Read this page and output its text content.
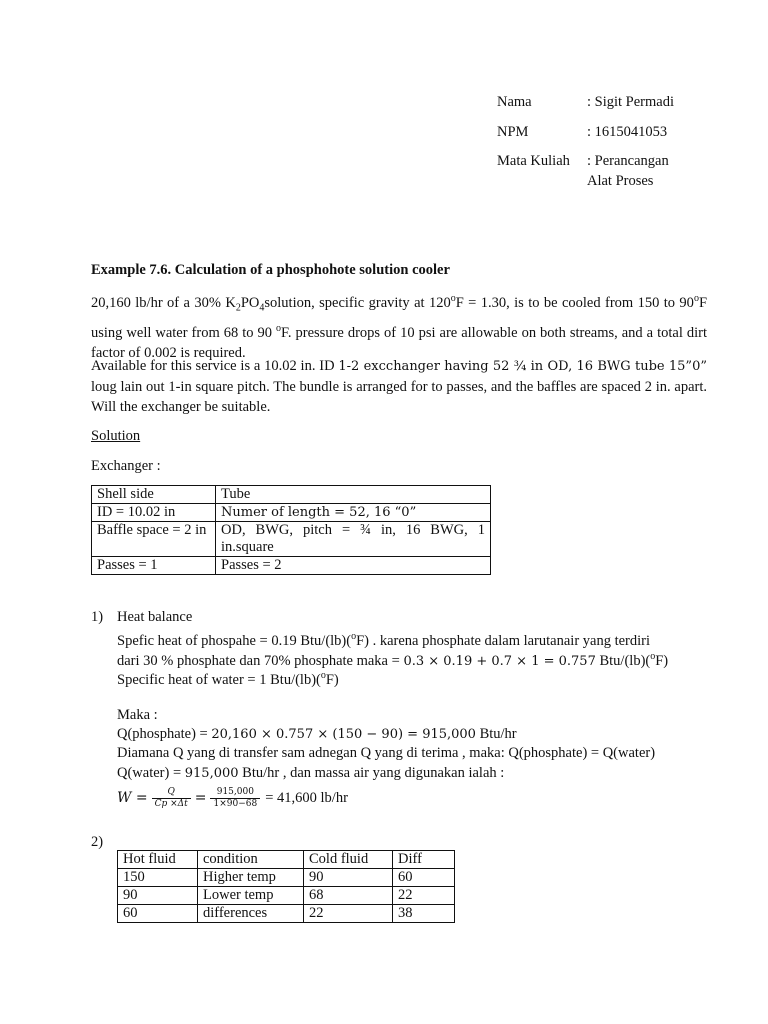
Nama	: Sigit Permadi
NPM	: 1615041053
Mata Kuliah : Perancangan
Alat Proses
Example 7.6. Calculation of a phosphohote solution cooler
20,160 lb/hr of a 30% $K_2PO_4solution$, specific gravity at $120^oF = 1.30$, is to be cooled from 150 to 90$^o$F using well water from 68 to 90 $^o$F. pressure drops of 10 psi are allowable on both streams, and a total dirt factor of 0.002 is required.
Available for this service is a 10.02 in. ID 1-2 excchanger having 52 ¾ in OD, 16 BWG tube 15”0” loug lain out 1-in square pitch. The bundle is arranged for to passes, and the baffles are spaced 2 in. apart. Will the exchanger be suitable.
Solution
Exchanger :
Shell side	Tube
ID = 10.02 in	Numer of length = 52, 16 “0”
Baffle space = 2 in	OD, BWG, pitch = ¾ in, 16 BWG, 1 in.square
Passes = 1	Passes = 2
1) Heat balance
Spefic heat of phospahe = 0.19 Btu/(lb)($^o$F) . karena phosphate dalam larutanair yang terdiri
dari 30 % phosphate dan 70% phosphate maka = 0.3 × 0.19 + 0.7 × 1 = 0.757 Btu/(lb)($^o$F)
Specific heat of water = 1 Btu/(lb)($^o$F)
Maka :
Q(phosphate) = 20,160 × 0.757 × (150 − 90) = 915,000 Btu/hr
Diamana Q yang di transfer sam adnegan Q yang di terima , maka: Q(phosphate) = Q(water)
Q(water) = 915,000 Btu/hr , dan massa air yang digunakan ialah :
$W = \frac{Q}{Cp \times\Delta t} = \frac{915,000}{1\times 90-68} = 41,600$ lb/hr
2)
Hot fluid	condition	Cold fluid	Diff
150	Higher temp	90	60
90	Lower temp	68	22
60	differences	22	38
